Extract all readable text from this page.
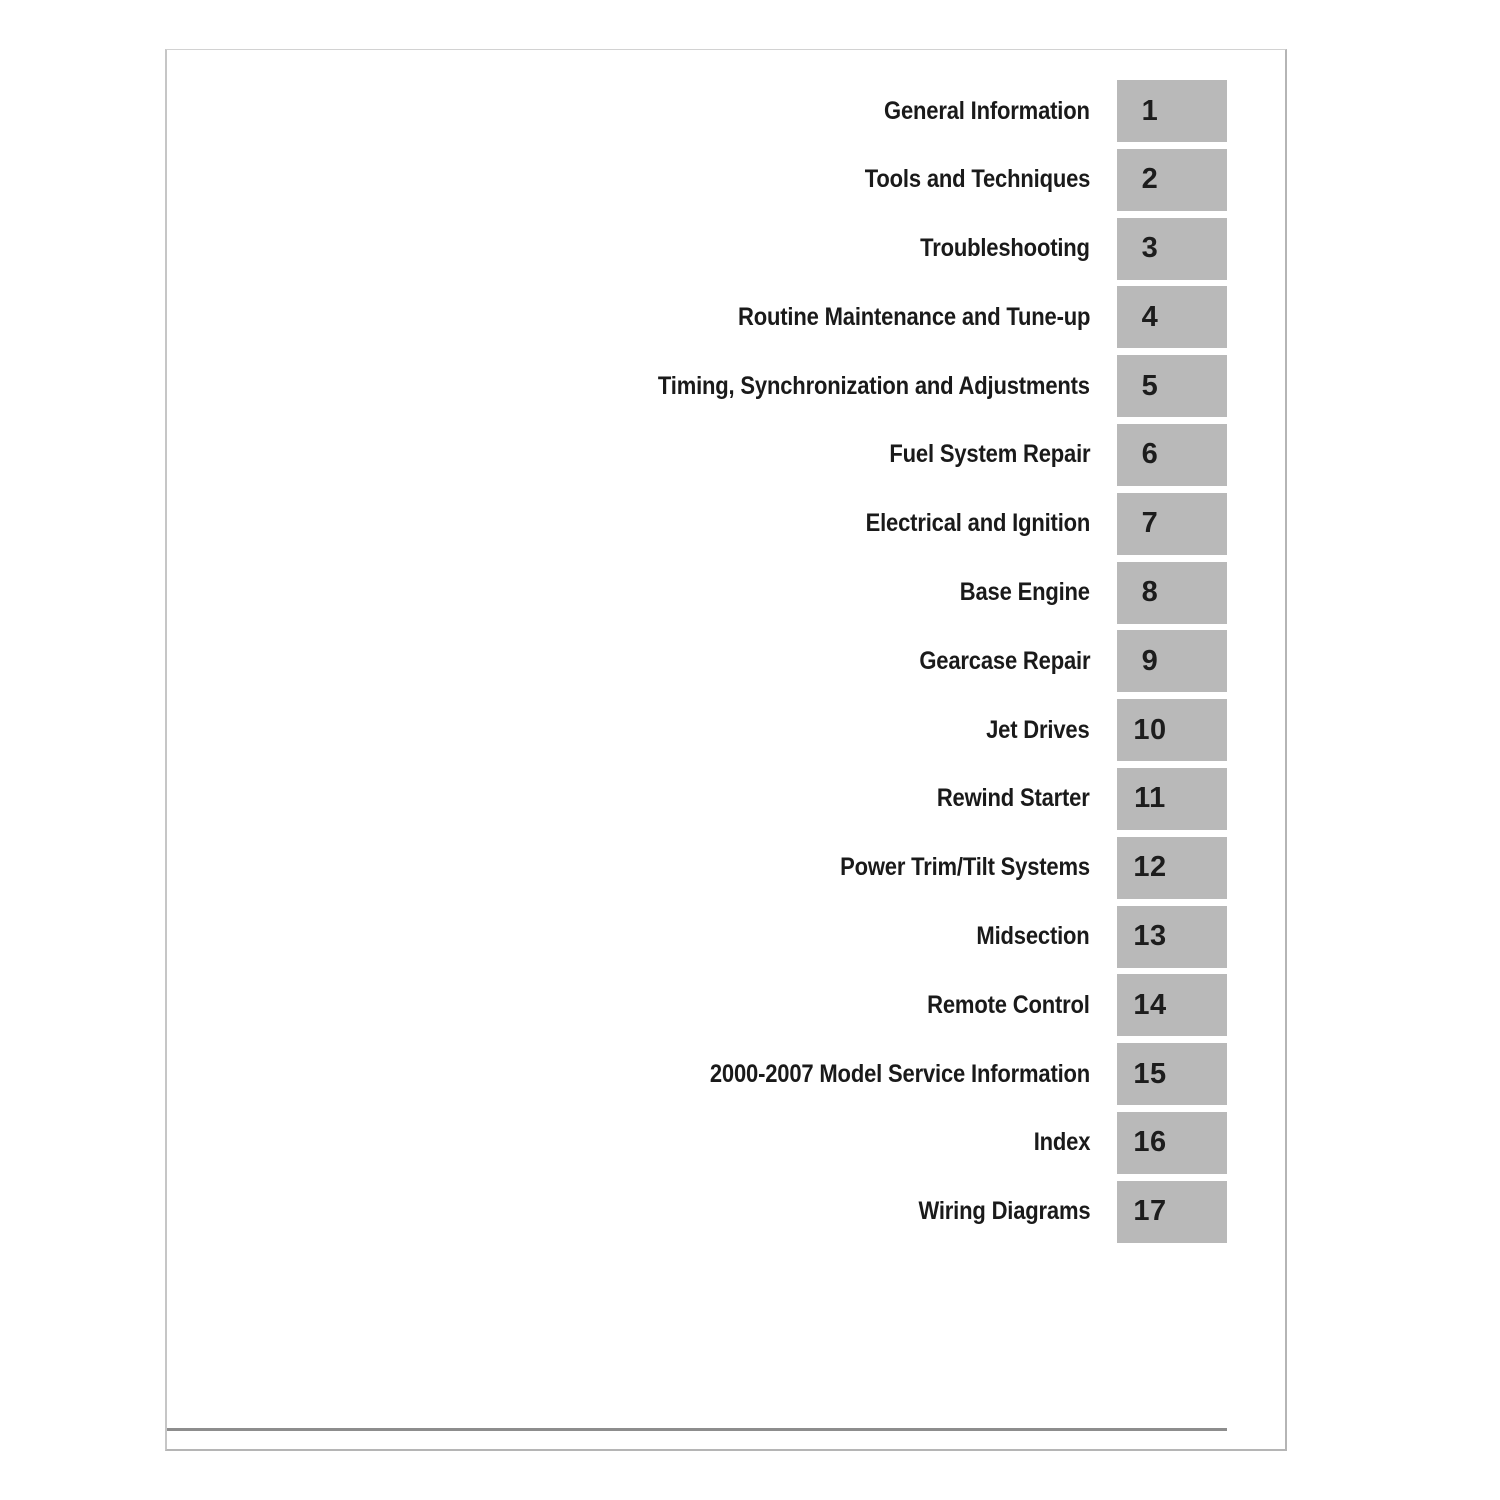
General Information	1
Tools and Techniques	2
Troubleshooting	3
Routine Maintenance and Tune-up	4
Timing, Synchronization and Adjustments	5
Fuel System Repair	6
Electrical and Ignition	7
Base Engine	8
Gearcase Repair	9
Jet Drives	10
Rewind Starter	11
Power Trim/Tilt Systems	12
Midsection	13
Remote Control	14
2000-2007 Model Service Information	15
Index	16
Wiring Diagrams	17
